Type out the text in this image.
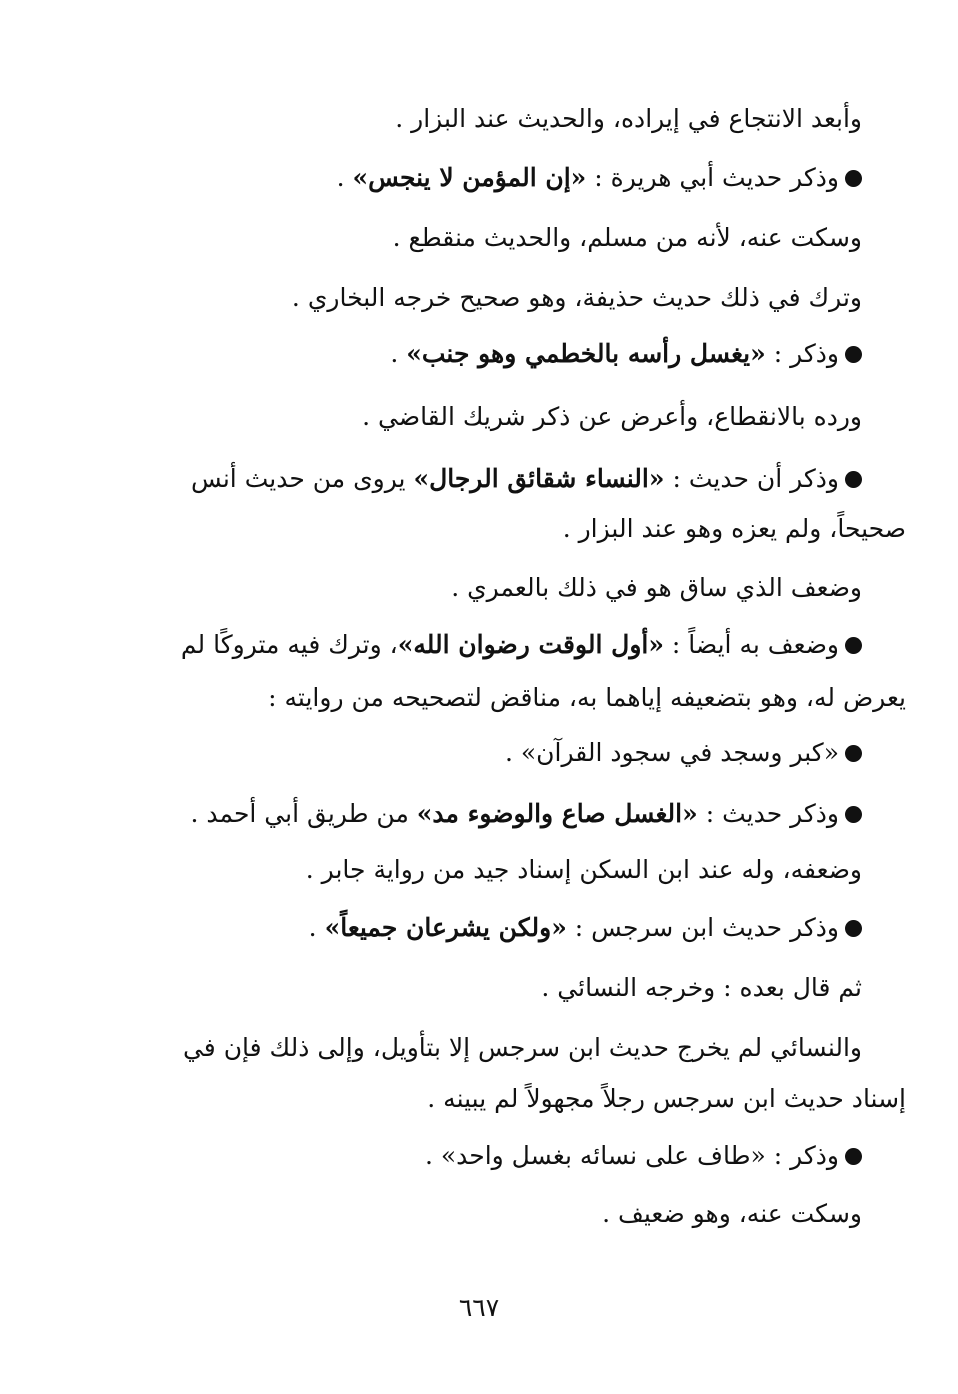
وأبعد الانتجاع في إيراده، والحديث عند البزار .
وذكر حديث أبي هريرة : «إن المؤمن لا ينجس» .
وسكت عنه، لأنه من مسلم، والحديث منقطع .
وترك في ذلك حديث حذيفة، وهو صحيح خرجه البخاري .
وذكر : «يغسل رأسه بالخطمي وهو جنب» .
ورده بالانقطاع، وأعرض عن ذكر شريك القاضي .
وذكر أن حديث : «النساء شقائق الرجال» يروى من حديث أنس
صحيحاً، ولم يعزه وهو عند البزار .
وضعف الذي ساق هو في ذلك بالعمري .
وضعف به أيضاً : «أول الوقت رضوان الله»، وترك فيه متروكًا لم
يعرض له، وهو بتضعيفه إياهما به، مناقض لتصحيحه من روايته :
«كبر وسجد في سجود القرآن» .
وذكر حديث : «الغسل صاع والوضوء مد» من طريق أبي أحمد .
وضعفه، وله عند ابن السكن إسناد جيد من رواية جابر .
وذكر حديث ابن سرجس : «ولكن يشرعان جميعاً» .
ثم قال بعده : وخرجه النسائي .
والنسائي لم يخرج حديث ابن سرجس إلا بتأويل، وإلى ذلك فإن في
إسناد حديث ابن سرجس رجلاً مجهولاً لم يبينه .
وذكر : «طاف على نسائه بغسل واحد» .
وسكت عنه، وهو ضعيف .
٦٦٧
